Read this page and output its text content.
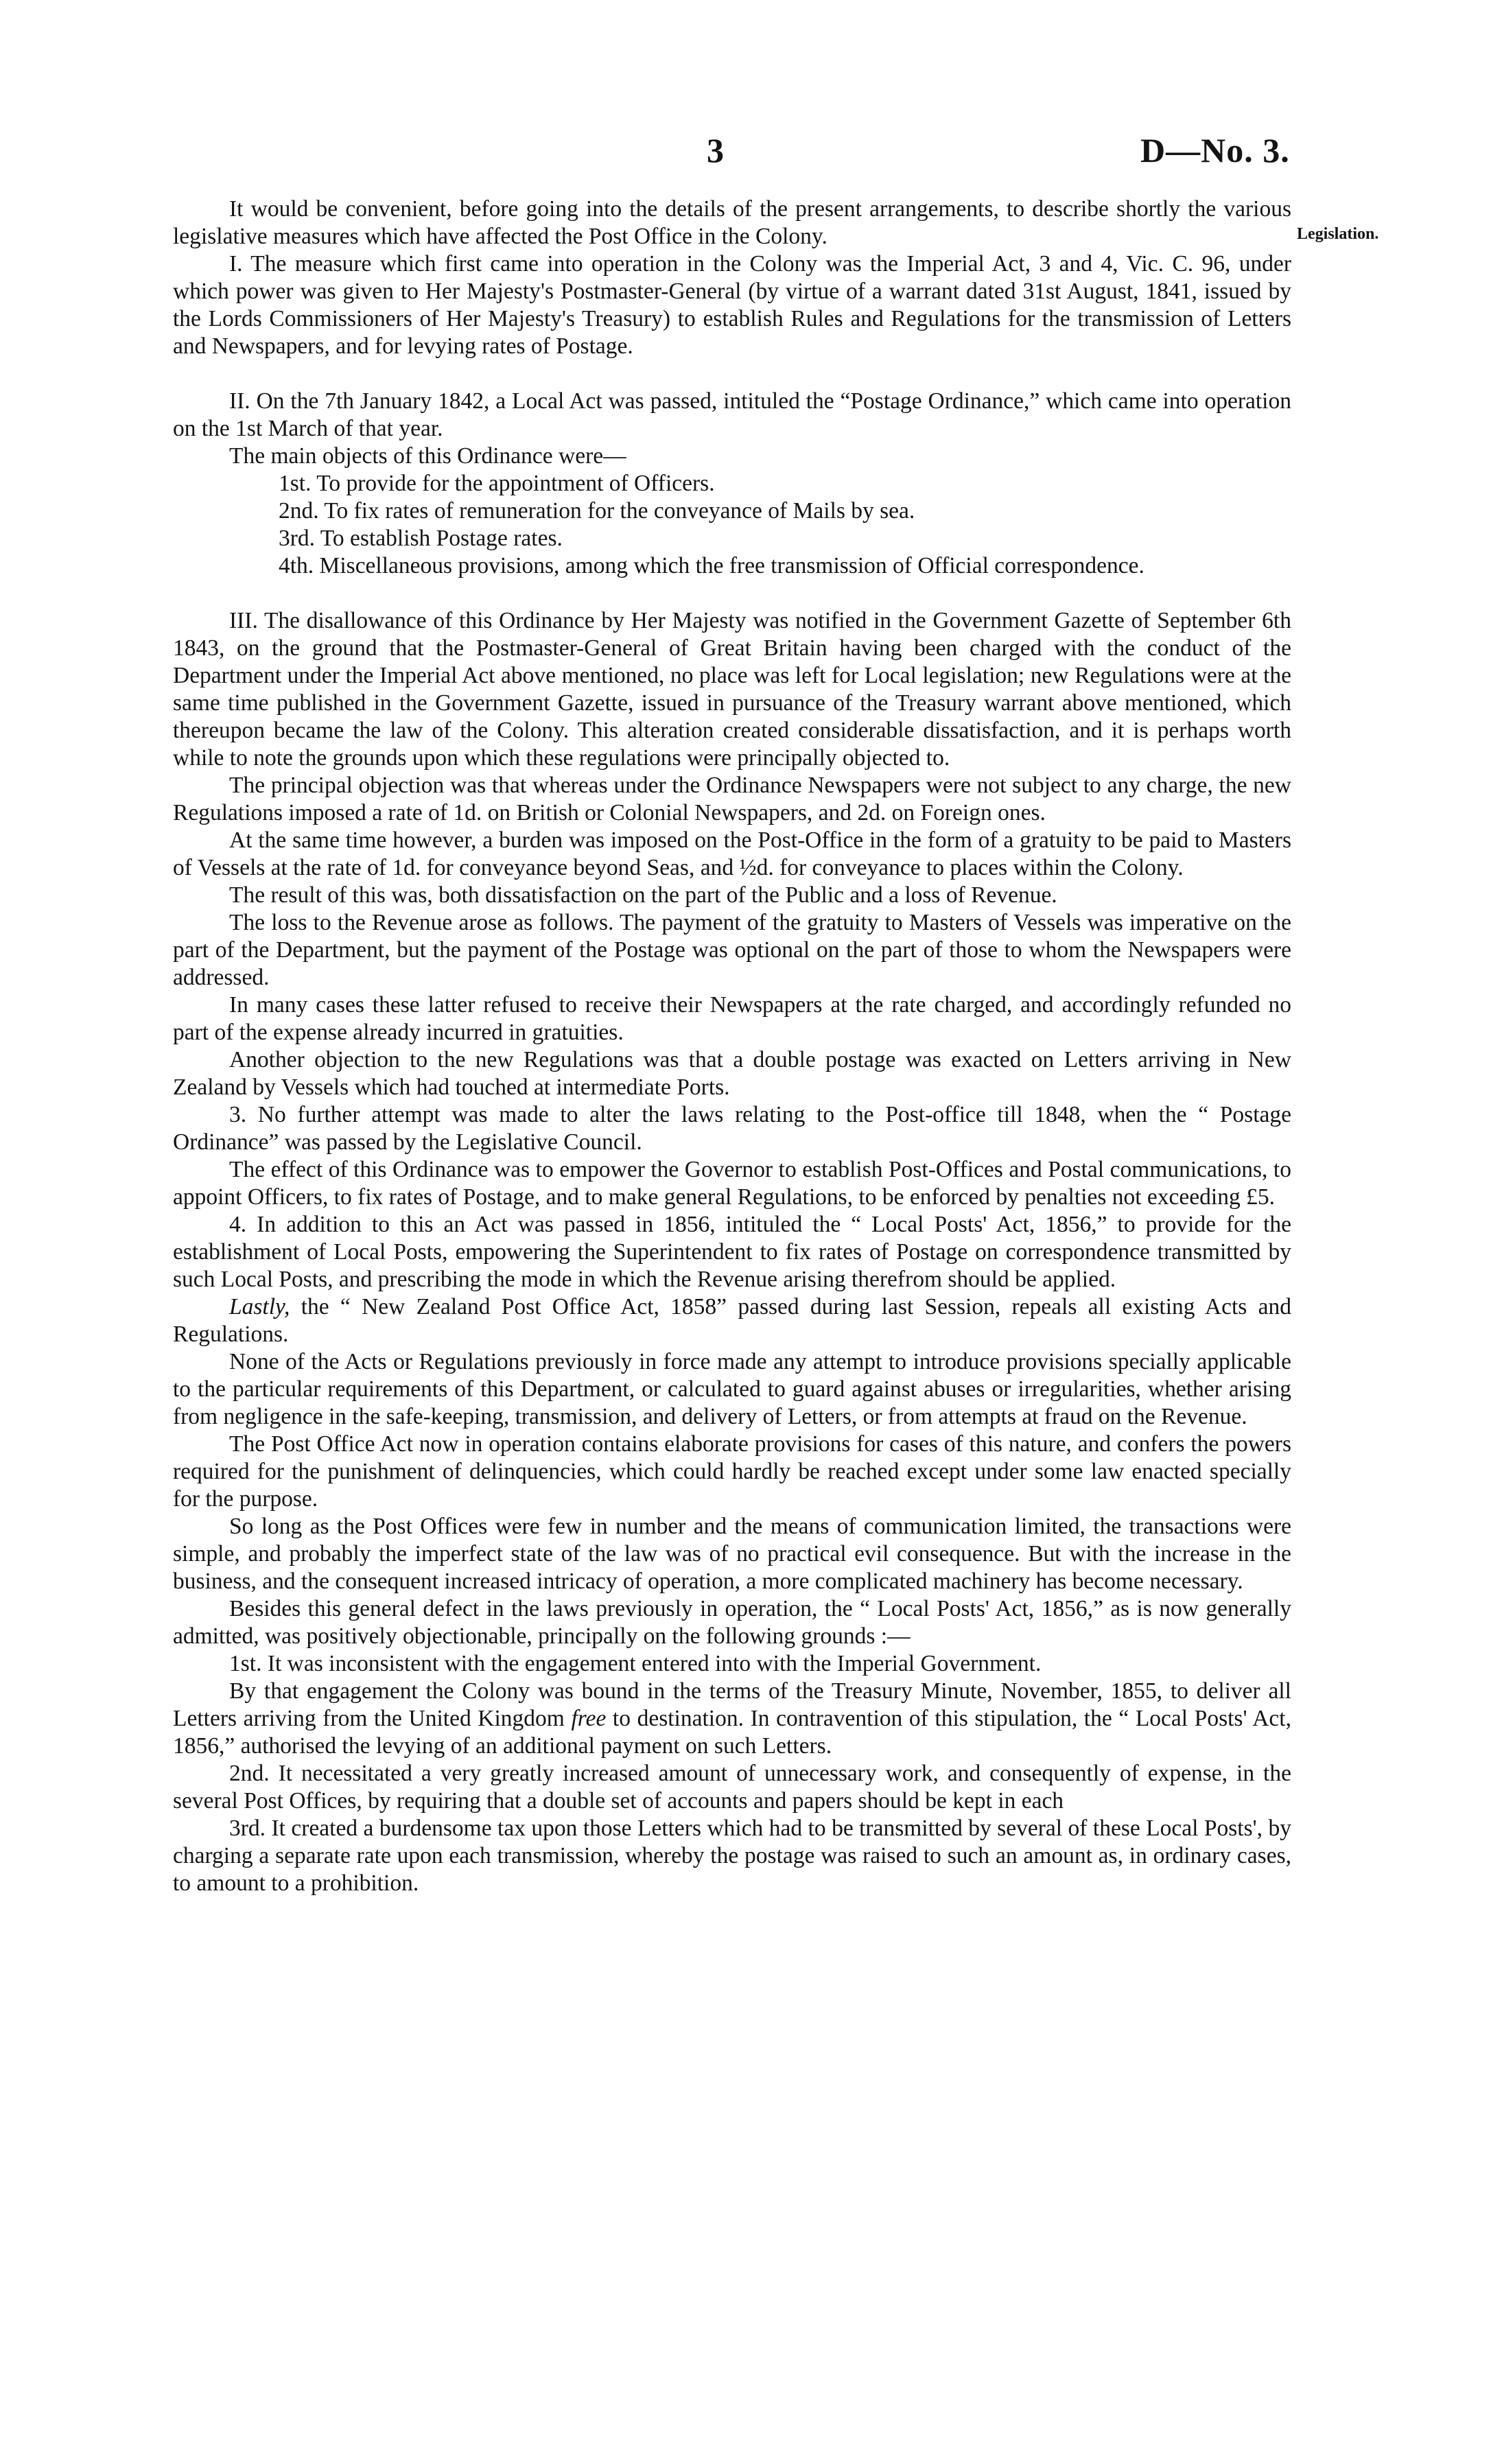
3	D—No. 3.
Legislation.

It would be convenient, before going into the details of the present arrangements, to describe shortly the various legislative measures which have affected the Post Office in the Colony.

I. The measure which first came into operation in the Colony was the Imperial Act, 3 and 4, Vic. C. 96, under which power was given to Her Majesty's Postmaster-General (by virtue of a warrant dated 31st August, 1841, issued by the Lords Commissioners of Her Majesty's Treasury) to establish Rules and Regulations for the transmission of Letters and Newspapers, and for levying rates of Postage.

II. On the 7th January 1842, a Local Act was passed, intituled the “Postage Ordinance,” which came into operation on the 1st March of that year.

The main objects of this Ordinance were—

1st. To provide for the appointment of Officers.

2nd. To fix rates of remuneration for the conveyance of Mails by sea.

3rd. To establish Postage rates.

4th. Miscellaneous provisions, among which the free transmission of Official correspondence.

III. The disallowance of this Ordinance by Her Majesty was notified in the Government Gazette of September 6th 1843, on the ground that the Postmaster-General of Great Britain having been charged with the conduct of the Department under the Imperial Act above mentioned, no place was left for Local legislation; new Regulations were at the same time published in the Government Gazette, issued in pursuance of the Treasury warrant above mentioned, which thereupon became the law of the Colony. This alteration created considerable dissatisfaction, and it is perhaps worth while to note the grounds upon which these regulations were principally objected to.

The principal objection was that whereas under the Ordinance Newspapers were not subject to any charge, the new Regulations imposed a rate of 1d. on British or Colonial Newspapers, and 2d. on Foreign ones.

At the same time however, a burden was imposed on the Post-Office in the form of a gratuity to be paid to Masters of Vessels at the rate of 1d. for conveyance beyond Seas, and ½d. for conveyance to places within the Colony.

The result of this was, both dissatisfaction on the part of the Public and a loss of Revenue.

The loss to the Revenue arose as follows. The payment of the gratuity to Masters of Vessels was imperative on the part of the Department, but the payment of the Postage was optional on the part of those to whom the Newspapers were addressed.

In many cases these latter refused to receive their Newspapers at the rate charged, and accordingly refunded no part of the expense already incurred in gratuities.

Another objection to the new Regulations was that a double postage was exacted on Letters arriving in New Zealand by Vessels which had touched at intermediate Ports.

3. No further attempt was made to alter the laws relating to the Post-office till 1848, when the “ Postage Ordinance” was passed by the Legislative Council.

The effect of this Ordinance was to empower the Governor to establish Post-Offices and Postal communications, to appoint Officers, to fix rates of Postage, and to make general Regulations, to be enforced by penalties not exceeding £5.

4. In addition to this an Act was passed in 1856, intituled the “ Local Posts' Act, 1856,” to provide for the establishment of Local Posts, empowering the Superintendent to fix rates of Postage on correspondence transmitted by such Local Posts, and prescribing the mode in which the Revenue arising therefrom should be applied.

Lastly, the “ New Zealand Post Office Act, 1858” passed during last Session, repeals all existing Acts and Regulations.

None of the Acts or Regulations previously in force made any attempt to introduce provisions specially applicable to the particular requirements of this Department, or calculated to guard against abuses or irregularities, whether arising from negligence in the safe-keeping, transmission, and delivery of Letters, or from attempts at fraud on the Revenue.

The Post Office Act now in operation contains elaborate provisions for cases of this nature, and confers the powers required for the punishment of delinquencies, which could hardly be reached except under some law enacted specially for the purpose.

So long as the Post Offices were few in number and the means of communication limited, the transactions were simple, and probably the imperfect state of the law was of no practical evil consequence. But with the increase in the business, and the consequent increased intricacy of operation, a more complicated machinery has become necessary.

Besides this general defect in the laws previously in operation, the “ Local Posts' Act, 1856,” as is now generally admitted, was positively objectionable, principally on the following grounds :—

1st. It was inconsistent with the engagement entered into with the Imperial Government.

By that engagement the Colony was bound in the terms of the Treasury Minute, November, 1855, to deliver all Letters arriving from the United Kingdom free to destination. In contravention of this stipulation, the “ Local Posts' Act, 1856,” authorised the levying of an additional payment on such Letters.

2nd. It necessitated a very greatly increased amount of unnecessary work, and consequently of expense, in the several Post Offices, by requiring that a double set of accounts and papers should be kept in each

3rd. It created a burdensome tax upon those Letters which had to be transmitted by several of these Local Posts', by charging a separate rate upon each transmission, whereby the postage was raised to such an amount as, in ordinary cases, to amount to a prohibition.
